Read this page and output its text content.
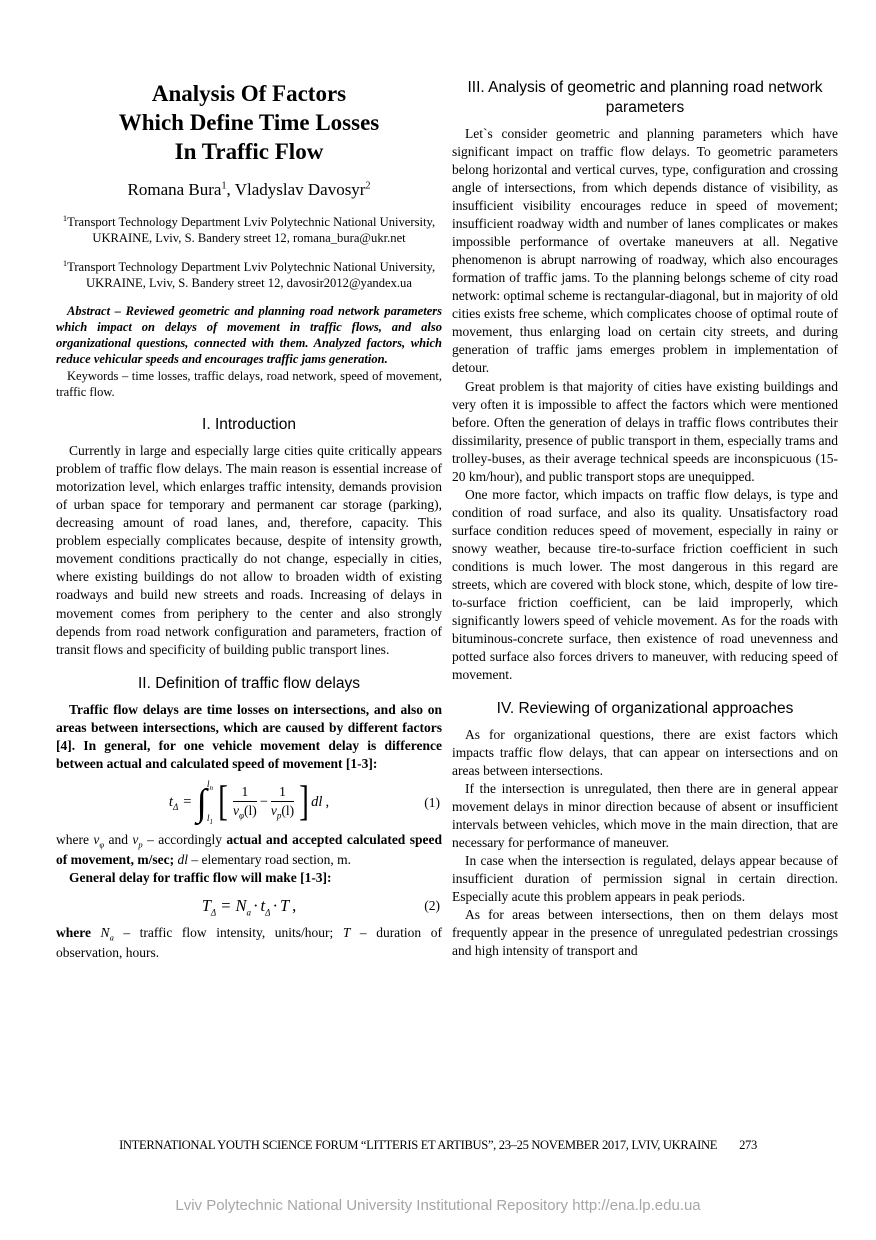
Analysis Of Factors
Which Define Time Losses
In Traffic Flow
Romana Bura$^1$, Vladyslav Davosyr$^2$
$^1$Transport Technology Department Lviv Polytechnic National University, UKRAINE, Lviv, S. Bandery street 12, romana_bura@ukr.net
$^1$Transport Technology Department Lviv Polytechnic National University, UKRAINE, Lviv, S. Bandery street 12, davosir2012@yandex.ua

Abstract – Reviewed geometric and planning road network parameters which impact on delays of movement in traffic flows, and also organizational questions, connected with them. Analyzed factors, which reduce vehicular speeds and encourages traffic jams generation.

Keywords – time losses, traffic delays, road network, speed of movement, traffic flow.

I. Introduction

Currently in large and especially large cities quite critically appears problem of traffic flow delays. The main reason is essential increase of motorization level, which enlarges traffic intensity, demands provision of urban space for temporary and permanent car storage (parking), decreasing amount of road lanes, and, therefore, capacity. This problem especially complicates because, despite of intensity growth, movement conditions practically do not change, especially in cities, where existing buildings do not allow to broaden width of existing roadways and build new streets and roads. Increasing of delays in movement comes from periphery to the center and also strongly depends from road network configuration and parameters, fraction of transit flows and specificity of building public transport lines.

II. Definition of traffic flow delays

Traffic flow delays are time losses on intersections, and also on areas between intersections, which are caused by different factors [4]. In general, for one vehicle movement delay is difference between actual and calculated speed of movement [1-3]:

$t_\Delta$ = ∫ $l_n$
$l_1$ [ $\frac{1}{v_\varphi(l)} - \frac{1}{v_p(l)}$ ] dl ,	(1)

where $v_\varphi$ and $v_p$ – accordingly actual and accepted calculated speed of movement, m/sec; dl – elementary road section, m.

General delay for traffic flow will make [1-3]:

$T_\Delta = N_a \cdot t_\Delta \cdot T$ ,	(2)

where $N_a$ – traffic flow intensity, units/hour; T – duration of observation, hours.

III. Analysis of geometric and planning road network parameters

Let`s consider geometric and planning parameters which have significant impact on traffic flow delays. To geometric parameters belong horizontal and vertical curves, type, configuration and crossing angle of intersections, from which depends distance of visibility, as insufficient visibility encourages reduce in speed of movement; insufficient roadway width and number of lanes complicates or makes impossible performance of overtake maneuvers at all. Negative phenomenon is abrupt narrowing of roadway, which also encourages formation of traffic jams. To the planning belongs scheme of city road network: optimal scheme is rectangular-diagonal, but in majority of old cities exists free scheme, which complicates choose of optimal route of movement, thus enlarging load on certain city streets, and during generation of traffic jams emerges problem in implementation of detour.

Great problem is that majority of cities have existing buildings and very often it is impossible to affect the factors which were mentioned before. Often the generation of delays in traffic flows contributes their dissimilarity, presence of public transport in them, especially trams and trolley-buses, as their average technical speeds are inconspicuous (15-20 km/hour), and public transport stops are unequipped.

One more factor, which impacts on traffic flow delays, is type and condition of road surface, and also its quality. Unsatisfactory road surface condition reduces speed of movement, especially in rainy or snowy weather, because tire-to-surface friction coefficient in such conditions is much lower. The most dangerous in this regard are streets, which are covered with block stone, which, despite of low tire-to-surface friction coefficient, can be laid improperly, which significantly lowers speed of vehicle movement. As for the roads with bituminous-concrete surface, then existence of road unevenness and potted surface also forces drivers to maneuver, with reducing speed of movement.

IV. Reviewing of organizational approaches

As for organizational questions, there are exist factors which impacts traffic flow delays, that can appear on intersections and on areas between intersections.

If the intersection is unregulated, then there are in general appear movement delays in minor direction because of absent or insufficient intervals between vehicles, which move in the main direction, that are necessary for performance of maneuver.

In case when the intersection is regulated, delays appear because of insufficient duration of permission signal in certain direction. Especially acute this problem appears in peak periods.

As for areas between intersections, then on them delays most frequently appear in the presence of unregulated pedestrian crossings and high intensity of transport and

INTERNATIONAL YOUTH SCIENCE FORUM “LITTERIS ET ARTIBUS”, 23–25 NOVEMBER 2017, LVIV, UKRAINE 273
Lviv Polytechnic National University Institutional Repository http://ena.lp.edu.ua
